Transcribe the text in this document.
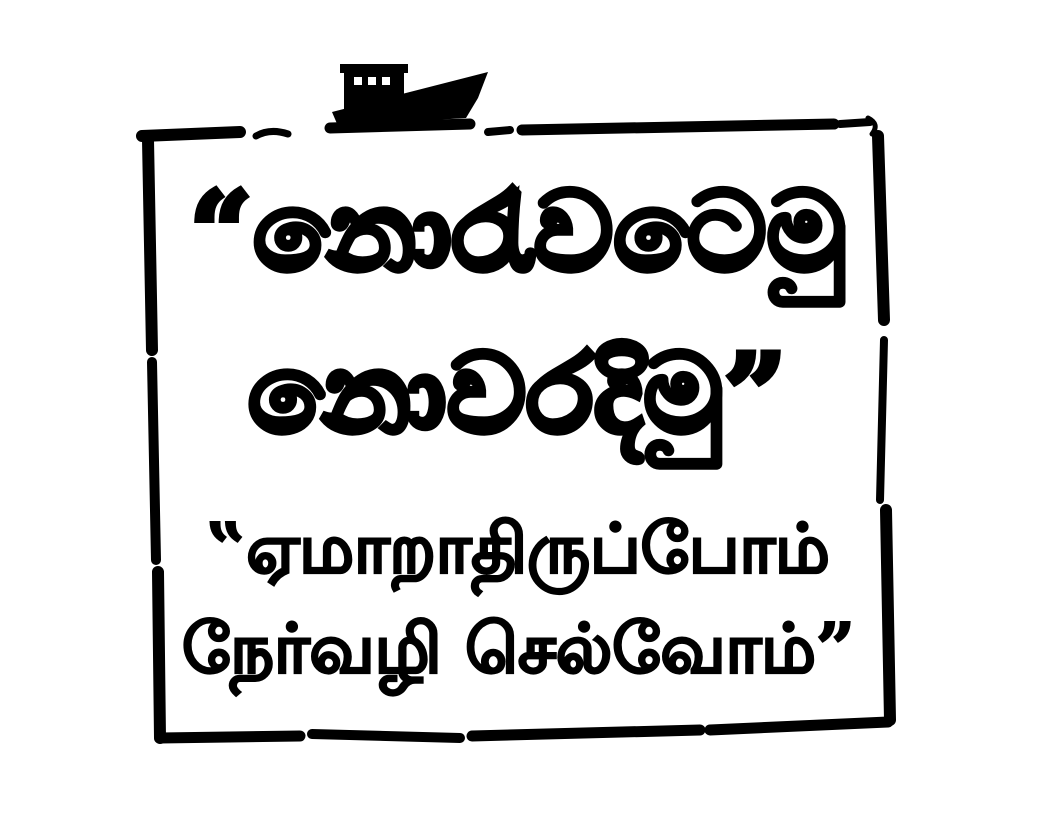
“නොරැවටෙමු
නොවරදිමු”
‟ஏமாறாதிருப்போம்
நேர்வழி செல்வோம்”
